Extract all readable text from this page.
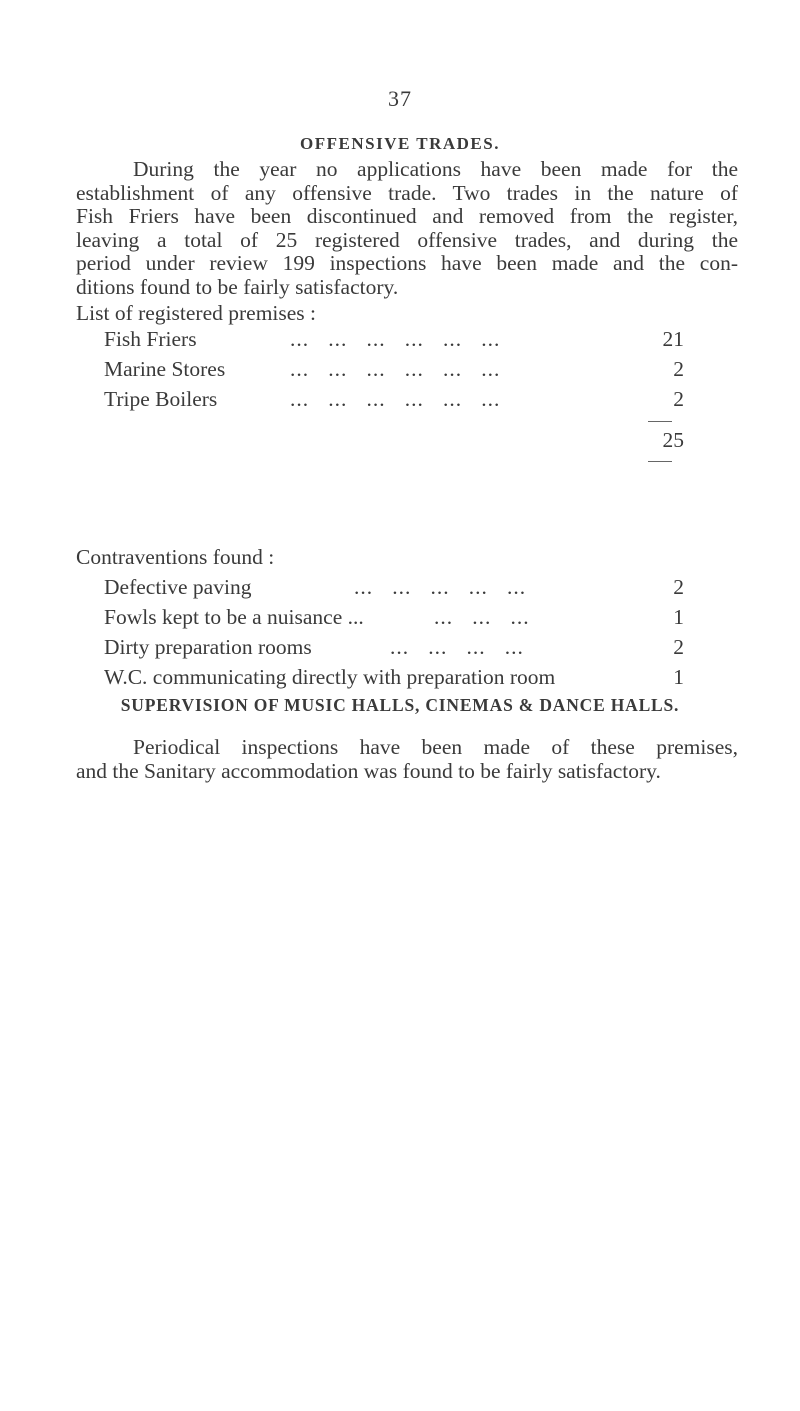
37
OFFENSIVE TRADES.

During the year no applications have been made for the
establishment of any offensive trade. Two trades in the nature of
Fish Friers have been discontinued and removed from the register,
leaving a total of 25 registered offensive trades, and during the
period under review 199 inspections have been made and the con-
ditions found to be fairly satisfactory.

List of registered premises :
Fish Friers	...   ...   ...   ...   ...   ...	21
Marine Stores	...   ...   ...   ...   ...   ...	2
Tripe Boilers	...   ...   ...   ...   ...   ...	2
25
Contraventions found :
Defective paving	...   ...   ...   ...   ...	2
Fowls kept to be a nuisance ...	...   ...   ...	1
Dirty preparation rooms	...   ...   ...   ...	2
W.C. communicating directly with preparation room	1
SUPERVISION OF MUSIC HALLS, CINEMAS & DANCE HALLS.

Periodical inspections have been made of these premises,
and the Sanitary accommodation was found to be fairly satisfactory.
